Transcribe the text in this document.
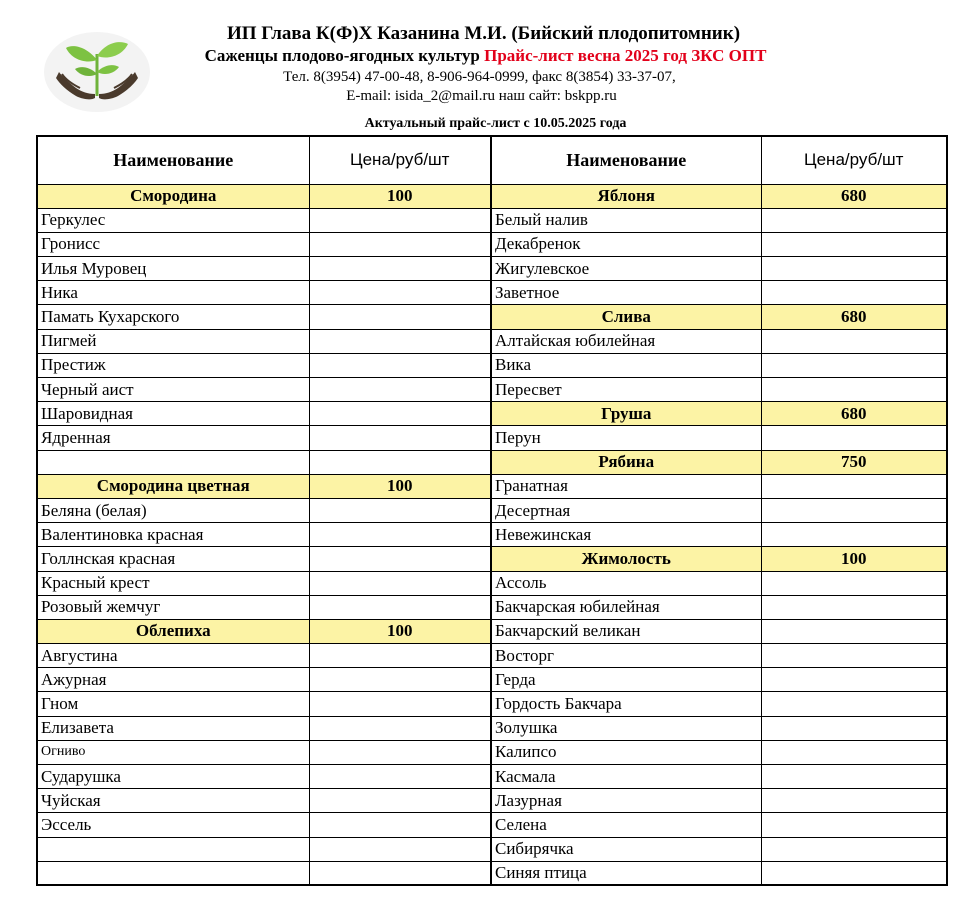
ИП Глава К(Ф)Х Казанина М.И. (Бийский плодопитомник)
Саженцы плодово-ягодных культур Прайс-лист весна 2025 год ЗКС ОПТ
Тел. 8(3954) 47-00-48, 8-906-964-0999, факс 8(3854) 33-37-07,
E-mail: isida_2@mail.ru наш сайт: bskpp.ru
Актуальный прайс-лист с 10.05.2025 года
Наименование	Цена/руб/шт	Наименование	Цена/руб/шт
Смородина	100	Яблоня	680
Геркулес		Белый налив	
Гронисс		Декабренок	
Илья Муровец		Жигулевское	
Ника		Заветное	
Памать Кухарского		Слива	680
Пигмей		Алтайская юбилейная	
Престиж		Вика	
Черный аист		Пересвет	
Шаровидная		Груша	680
Ядренная		Перун	
		Рябина	750
Смородина цветная	100	Гранатная	
Беляна (белая)		Десертная	
Валентиновка красная		Невежинская	
Голлнская красная		Жимолость	100
Красный крест		Ассоль	
Розовый жемчуг		Бакчарская юбилейная	
Облепиха	100	Бакчарский великан	
Августина		Восторг	
Ажурная		Герда	
Гном		Гордость Бакчара	
Елизавета		Золушка	
Огниво		Калипсо	
Сударушка		Касмала	
Чуйская		Лазурная	
Эссель		Селена	
		Сибирячка	
		Синяя птица	
